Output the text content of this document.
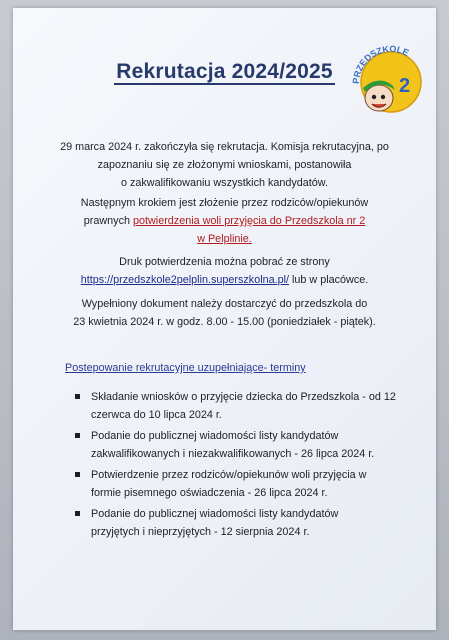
PRZEDSZKOLE
2
Rekrutacja 2024/2025
29 marca 2024 r. zakończyła się rekrutacja. Komisja rekrutacyjna, po
zapoznaniu się ze złożonymi wnioskami, postanowiła
o zakwalifikowaniu wszystkich kandydatów.
Następnym krokiem jest złożenie przez rodziców/opiekunów
prawnych potwierdzenia woli przyjęcia do Przedszkola nr 2
w Pelplinie.
Druk potwierdzenia można pobrać ze strony
https://przedszkole2pelplin.superszkolna.pl/ lub w placówce.
Wypełniony dokument należy dostarczyć do przedszkola do
23 kwietnia 2024 r. w godz. 8.00 - 15.00 (poniedziałek - piątek).
Postepowanie rekrutacyjne uzupełniające- terminy
Składanie wniosków o przyjęcie dziecka do Przedszkola - od 12
czerwca do 10 lipca 2024 r.
Podanie do publicznej wiadomości listy kandydatów
zakwalifikowanych i niezakwalifikowanych - 26 lipca 2024 r.
Potwierdzenie przez rodziców/opiekunów woli przyjęcia w
formie pisemnego oświadczenia - 26 lipca 2024 r.
Podanie do publicznej wiadomości listy kandydatów
przyjętych i nieprzyjętych - 12 sierpnia 2024 r.
